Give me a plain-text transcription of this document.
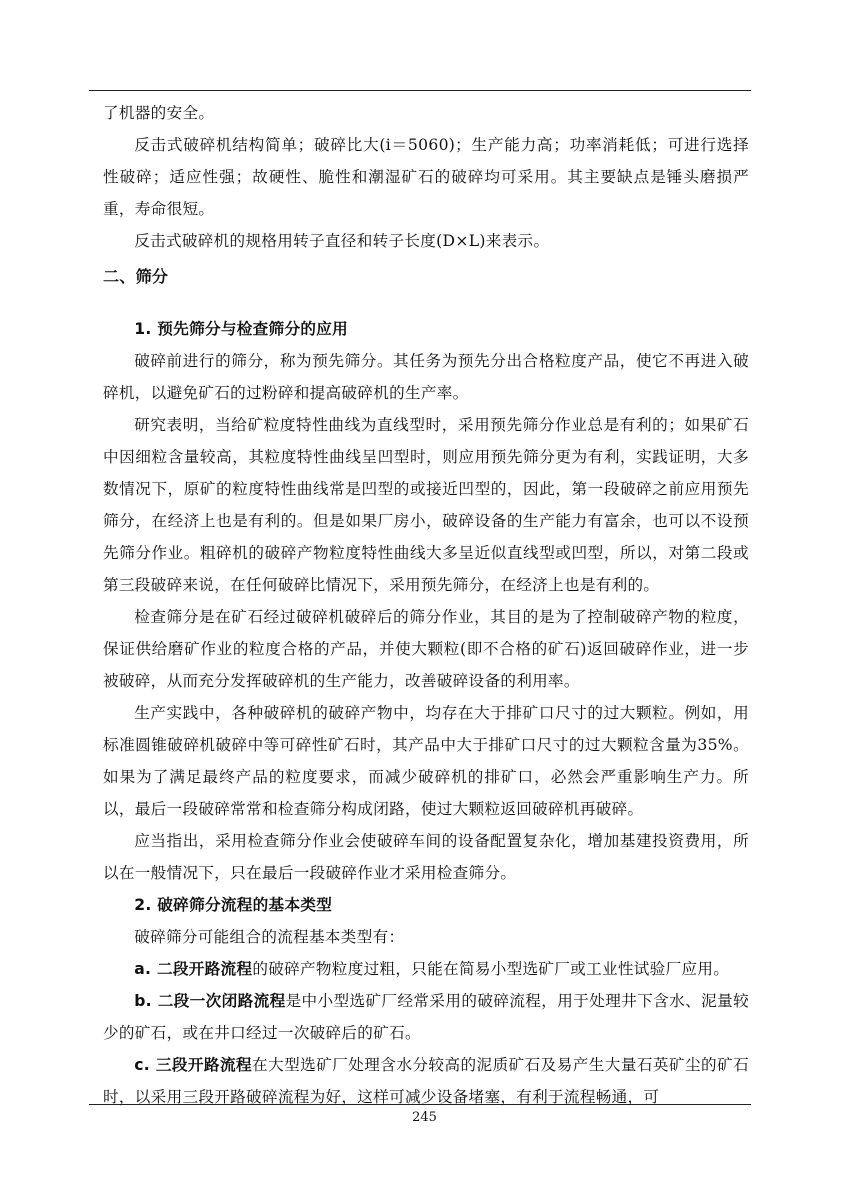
了机器的安全。

反击式破碎机结构简单；破碎比大(i＝5060)；生产能力高；功率消耗低；可进行选择性破碎；适应性强；故硬性、脆性和潮湿矿石的破碎均可采用。其主要缺点是锤头磨损严重，寿命很短。

反击式破碎机的规格用转子直径和转子长度(D×L)来表示。

二、筛分
1. 预先筛分与检查筛分的应用

破碎前进行的筛分，称为预先筛分。其任务为预先分出合格粒度产品，使它不再进入破碎机，以避免矿石的过粉碎和提高破碎机的生产率。

研究表明，当给矿粒度特性曲线为直线型时，采用预先筛分作业总是有利的；如果矿石中因细粒含量较高，其粒度特性曲线呈凹型时，则应用预先筛分更为有利，实践证明，大多数情况下，原矿的粒度特性曲线常是凹型的或接近凹型的，因此，第一段破碎之前应用预先筛分，在经济上也是有利的。但是如果厂房小，破碎设备的生产能力有富余，也可以不设预先筛分作业。粗碎机的破碎产物粒度特性曲线大多呈近似直线型或凹型，所以，对第二段或第三段破碎来说，在任何破碎比情况下，采用预先筛分，在经济上也是有利的。

检查筛分是在矿石经过破碎机破碎后的筛分作业，其目的是为了控制破碎产物的粒度，保证供给磨矿作业的粒度合格的产品，并使大颗粒(即不合格的矿石)返回破碎作业，进一步被破碎，从而充分发挥破碎机的生产能力，改善破碎设备的利用率。

生产实践中，各种破碎机的破碎产物中，均存在大于排矿口尺寸的过大颗粒。例如，用标准圆锥破碎机破碎中等可碎性矿石时，其产品中大于排矿口尺寸的过大颗粒含量为35%。如果为了满足最终产品的粒度要求，而减少破碎机的排矿口，必然会严重影响生产力。所以，最后一段破碎常常和检查筛分构成闭路，使过大颗粒返回破碎机再破碎。

应当指出，采用检查筛分作业会使破碎车间的设备配置复杂化，增加基建投资费用，所以在一般情况下，只在最后一段破碎作业才采用检查筛分。

2. 破碎筛分流程的基本类型

破碎筛分可能组合的流程基本类型有：

a. 二段开路流程的破碎产物粒度过粗，只能在简易小型选矿厂或工业性试验厂应用。

b. 二段一次闭路流程是中小型选矿厂经常采用的破碎流程，用于处理井下含水、泥量较少的矿石，或在井口经过一次破碎后的矿石。

c. 三段开路流程在大型选矿厂处理含水分较高的泥质矿石及易产生大量石英矿尘的矿石时，以采用三段开路破碎流程为好，这样可减少设备堵塞，有利于流程畅通，可

245
